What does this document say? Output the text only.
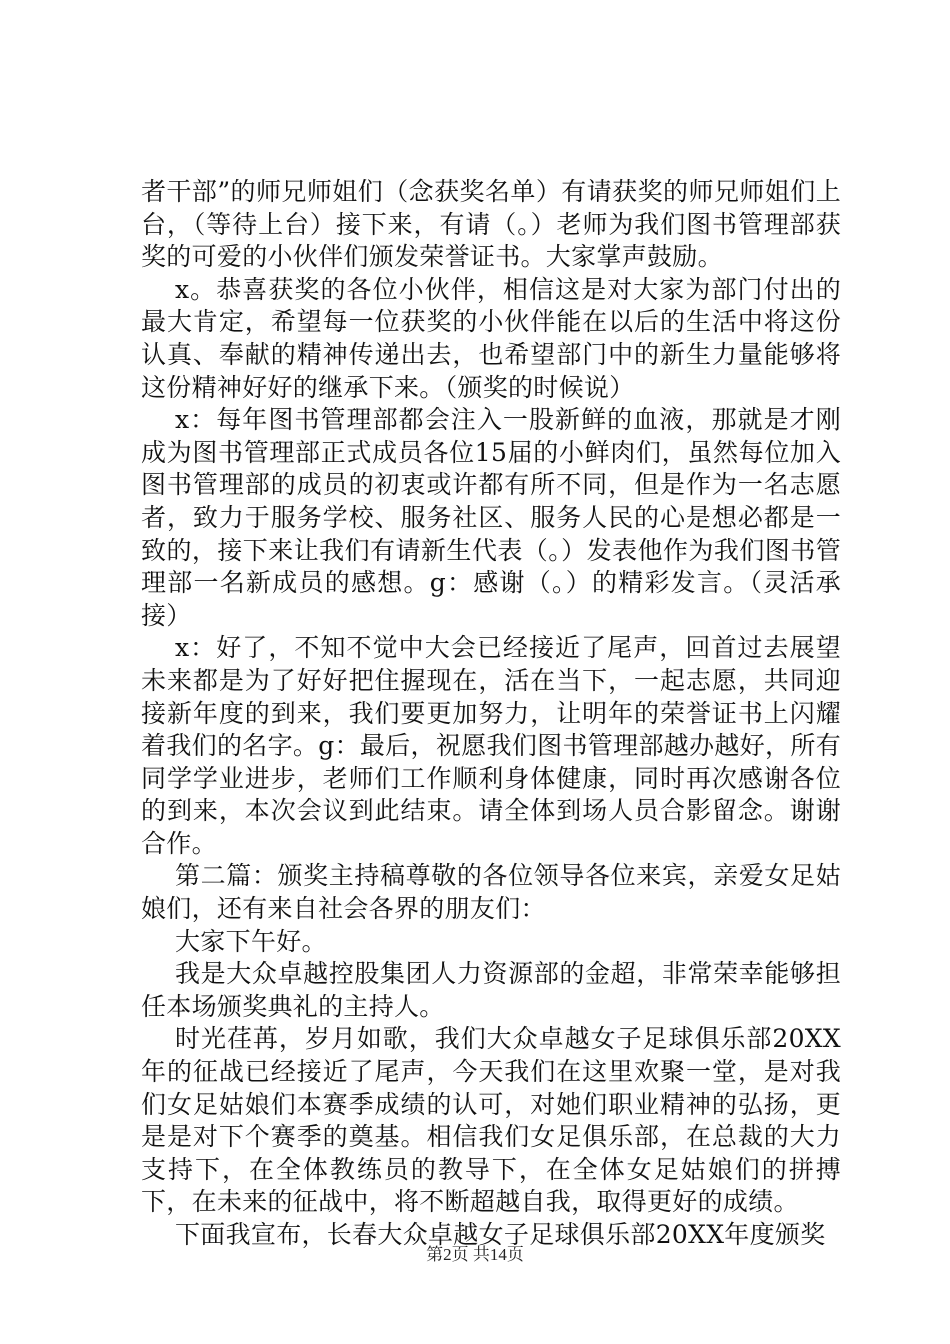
者干部”的师兄师姐们（念获奖名单）有请获奖的师兄师姐们上台，（等待上台）接下来，有请（。）老师为我们图书管理部获奖的可爱的小伙伴们颁发荣誉证书。大家掌声鼓励。

x。恭喜获奖的各位小伙伴，相信这是对大家为部门付出的最大肯定，希望每一位获奖的小伙伴能在以后的生活中将这份认真、奉献的精神传递出去，也希望部门中的新生力量能够将这份精神好好的继承下来。（颁奖的时候说）

x：每年图书管理部都会注入一股新鲜的血液，那就是才刚成为图书管理部正式成员各位15届的小鲜肉们，虽然每位加入图书管理部的成员的初衷或许都有所不同，但是作为一名志愿者，致力于服务学校、服务社区、服务人民的心是想必都是一致的，接下来让我们有请新生代表（。）发表他作为我们图书管理部一名新成员的感想。g：感谢（。）的精彩发言。（灵活承接）

x：好了，不知不觉中大会已经接近了尾声，回首过去展望未来都是为了好好把住握现在，活在当下，一起志愿，共同迎接新年度的到来，我们要更加努力，让明年的荣誉证书上闪耀着我们的名字。g：最后，祝愿我们图书管理部越办越好，所有同学学业进步，老师们工作顺利身体健康，同时再次感谢各位的到来，本次会议到此结束。请全体到场人员合影留念。谢谢合作。

第二篇：颁奖主持稿尊敬的各位领导各位来宾，亲爱女足姑娘们，还有来自社会各界的朋友们：

大家下午好。

我是大众卓越控股集团人力资源部的金超，非常荣幸能够担任本场颁奖典礼的主持人。

时光荏苒，岁月如歌，我们大众卓越女子足球俱乐部20XX年的征战已经接近了尾声，今天我们在这里欢聚一堂，是对我们女足姑娘们本赛季成绩的认可，对她们职业精神的弘扬，更是是对下个赛季的奠基。相信我们女足俱乐部，在总裁的大力支持下，在全体教练员的教导下，在全体女足姑娘们的拼搏下，在未来的征战中，将不断超越自我，取得更好的成绩。

下面我宣布，长春大众卓越女子足球俱乐部20XX年度颁奖

第2页 共14页
